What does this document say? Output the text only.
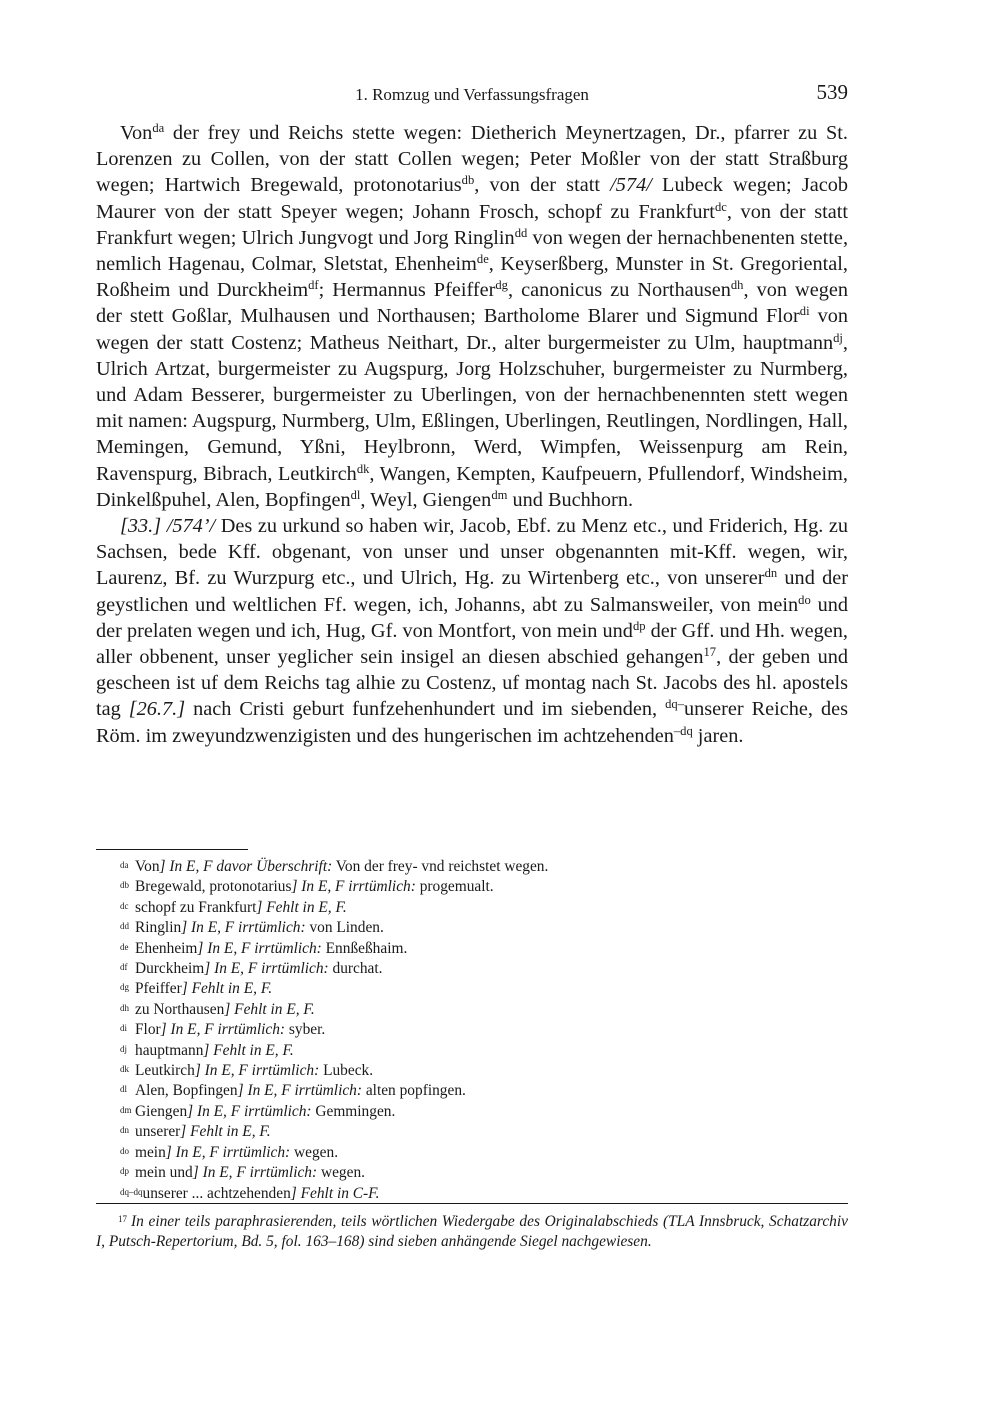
1. Romzug und Verfassungsfragen	539

Von$^{da}$ der frey und Reichs stette wegen: Dietherich Meynertzagen, Dr., pfarrer zu St. Lorenzen zu Collen, von der statt Collen wegen; Peter Moßler von der statt Straßburg wegen; Hartwich Bregewald, protonotarius$^{db}$, von der statt /574/ Lubeck wegen; Jacob Maurer von der statt Speyer wegen; Johann Frosch, schopf zu Frankfurt$^{dc}$, von der statt Frankfurt wegen; Ulrich Jungvogt und Jorg Ringlin$^{dd}$ von wegen der hernachbenenten stette, nemlich Hagenau, Colmar, Sletstat, Ehenheim$^{de}$, Keyserßberg, Munster in St. Gregoriental, Roßheim und Durckheim$^{df}$; Hermannus Pfeiffer$^{dg}$, canonicus zu Northausen$^{dh}$, von wegen der stett Goßlar, Mulhausen und Northausen; Bartholome Blarer und Sigmund Flor$^{di}$ von wegen der statt Costenz; Matheus Neithart, Dr., alter burgermeister zu Ulm, hauptmann$^{dj}$, Ulrich Artzat, burgermeister zu Augspurg, Jorg Holzschuher, burgermeister zu Nurmberg, und Adam Besserer, burgermeister zu Uberlingen, von der hernachbenennten stett wegen mit namen: Augspurg, Nurmberg, Ulm, Eßlingen, Uberlingen, Reutlingen, Nordlingen, Hall, Memingen, Gemund, Yßni, Heylbronn, Werd, Wimpfen, Weissenpurg am Rein, Ravenspurg, Bibrach, Leutkirch$^{dk}$, Wangen, Kempten, Kaufpeuern, Pfullendorf, Windsheim, Dinkelßpuhel, Alen, Bopfingen$^{dl}$, Weyl, Giengen$^{dm}$ und Buchhorn.

[33.] /574’/ Des zu urkund so haben wir, Jacob, Ebf. zu Menz etc., und Friderich, Hg. zu Sachsen, bede Kff. obgenant, von unser und unser obgenannten mit-Kff. wegen, wir, Laurenz, Bf. zu Wurzpurg etc., und Ulrich, Hg. zu Wirtenberg etc., von unserer$^{dn}$ und der geystlichen und weltlichen Ff. wegen, ich, Johanns, abt zu Salmansweiler, von mein$^{do}$ und der prelaten wegen und ich, Hug, Gf. von Montfort, von mein und$^{dp}$ der Gff. und Hh. wegen, aller obbenent, unser yeglicher sein insigel an diesen abschied gehangen$^{17}$, der geben und gescheen ist uf dem Reichs tag alhie zu Costenz, uf montag nach St. Jacobs des hl. apostels tag [26.7.] nach Cristi geburt funfzehenhundert und im siebenden, $^{dq-}$unserer Reiche, des Röm. im zweyundzwenzigisten und des hungerischen im achtzehenden$^{-dq}$ jaren.

da Von] In E, F davor Überschrift: Von der frey- vnd reichstet wegen.
db Bregewald, protonotarius] In E, F irrtümlich: progemualt.
dc schopf zu Frankfurt] Fehlt in E, F.
dd Ringlin] In E, F irrtümlich: von Linden.
de Ehenheim] In E, F irrtümlich: Ennßeßhaim.
df Durckheim] In E, F irrtümlich: durchat.
dg Pfeiffer] Fehlt in E, F.
dh zu Northausen] Fehlt in E, F.
di Flor] In E, F irrtümlich: syber.
dj hauptmann] Fehlt in E, F.
dk Leutkirch] In E, F irrtümlich: Lubeck.
dl Alen, Bopfingen] In E, F irrtümlich: alten popfingen.
dm Giengen] In E, F irrtümlich: Gemmingen.
dn unserer] Fehlt in E, F.
do mein] In E, F irrtümlich: wegen.
dp mein und] In E, F irrtümlich: wegen.
dq–dqunserer ... achtzehenden] Fehlt in C-F.

$^{17}$ In einer teils paraphrasierenden, teils wörtlichen Wiedergabe des Originalabschieds (TLA Innsbruck, Schatzarchiv I, Putsch-Repertorium, Bd. 5, fol. 163–168) sind sieben anhängende Siegel nachgewiesen.
